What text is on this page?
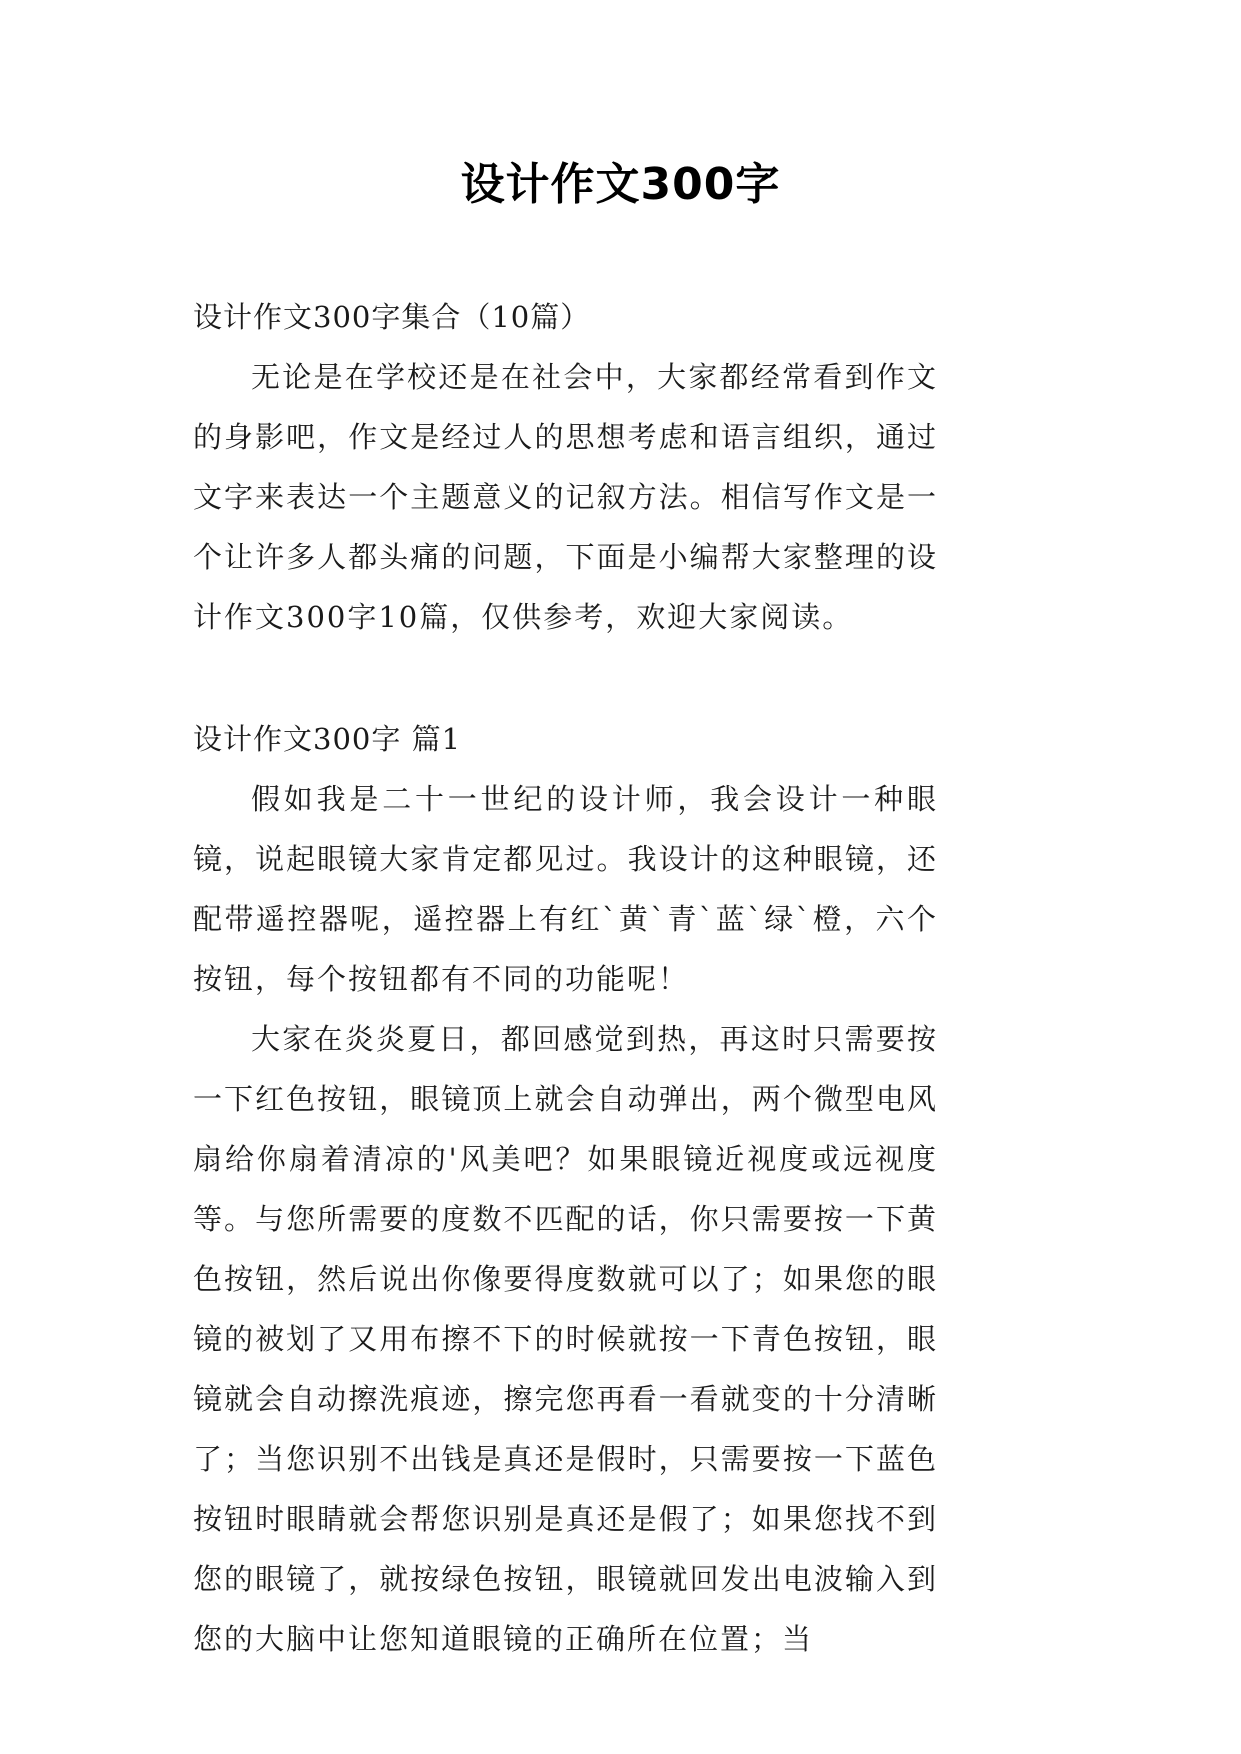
设计作文300字
设计作文300字集合（10篇）

无论是在学校还是在社会中，大家都经常看到作文的身影吧，作文是经过人的思想考虑和语言组织，通过文字来表达一个主题意义的记叙方法。相信写作文是一个让许多人都头痛的问题，下面是小编帮大家整理的设计作文300字10篇，仅供参考，欢迎大家阅读。

设计作文300字 篇1

假如我是二十一世纪的设计师，我会设计一种眼镜，说起眼镜大家肯定都见过。我设计的这种眼镜，还配带遥控器呢，遥控器上有红`黄`青`蓝`绿`橙，六个按钮，每个按钮都有不同的功能呢！

大家在炎炎夏日，都回感觉到热，再这时只需要按一下红色按钮，眼镜顶上就会自动弹出，两个微型电风扇给你扇着清凉的'风美吧？如果眼镜近视度或远视度等。与您所需要的度数不匹配的话，你只需要按一下黄色按钮，然后说出你像要得度数就可以了；如果您的眼镜的被划了又用布擦不下的时候就按一下青色按钮，眼镜就会自动擦洗痕迹，擦完您再看一看就变的十分清晰了；当您识别不出钱是真还是假时，只需要按一下蓝色按钮时眼睛就会帮您识别是真还是假了；如果您找不到您的眼镜了，就按绿色按钮，眼镜就回发出电波输入到您的大脑中让您知道眼镜的正确所在位置；当
